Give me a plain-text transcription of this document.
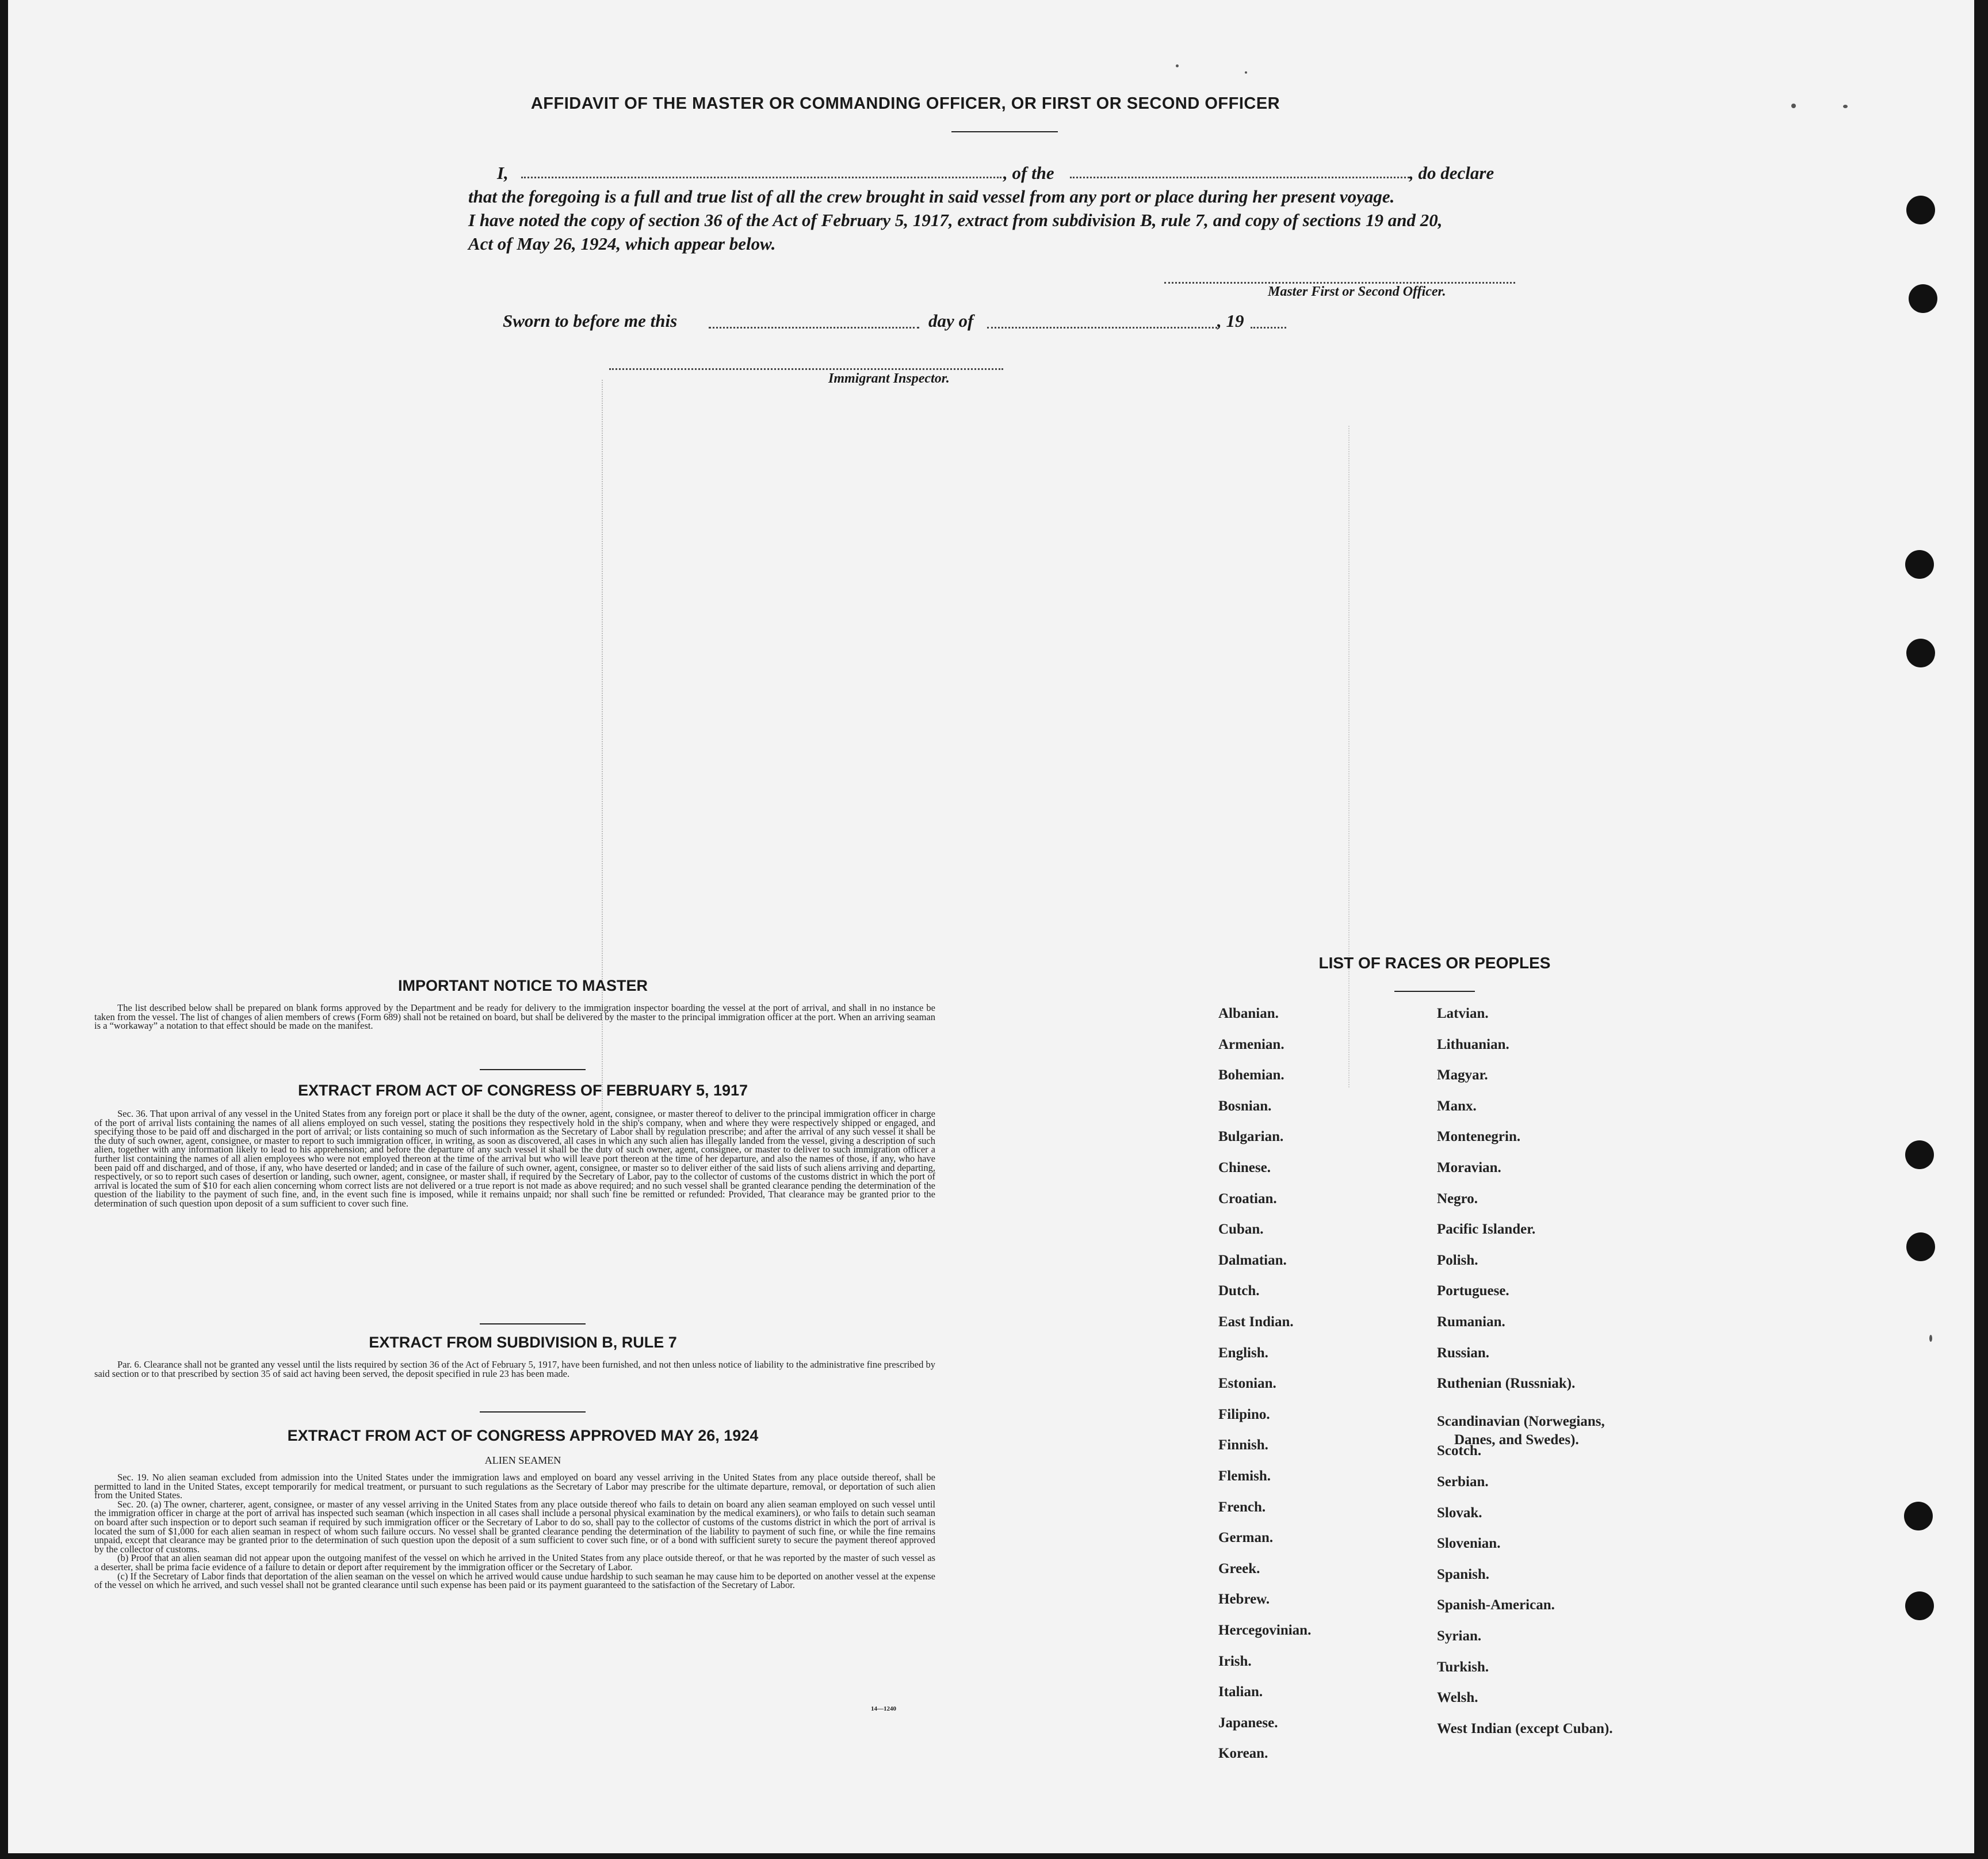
AFFIDAVIT OF THE MASTER OR COMMANDING OFFICER, OR FIRST OR SECOND OFFICER
I,	, of the	, do declare
that the foregoing is a full and true list of all the crew brought in said vessel from any port or place during her present voyage.
I have noted the copy of section 36 of the Act of February 5, 1917, extract from subdivision B, rule 7, and copy of sections 19 and 20,
Act of May 26, 1924, which appear below.
Master First or Second Officer.
Sworn to before me this	day of	, 19
Immigrant Inspector.
IMPORTANT NOTICE TO MASTER

The list described below shall be prepared on blank forms approved by the Department and be ready for delivery to the immigration inspector boarding the vessel at the port of arrival, and shall in no instance be taken from the vessel. The list of changes of alien members of crews (Form 689) shall not be retained on board, but shall be delivered by the master to the principal immigration officer at the port. When an arriving seaman is a “workaway” a notation to that effect should be made on the manifest.

EXTRACT FROM ACT OF CONGRESS OF FEBRUARY 5, 1917

Sec. 36. That upon arrival of any vessel in the United States from any foreign port or place it shall be the duty of the owner, agent, consignee, or master thereof to deliver to the principal immigration officer in charge of the port of arrival lists containing the names of all aliens employed on such vessel, stating the positions they respectively hold in the ship's company, when and where they were respectively shipped or engaged, and specifying those to be paid off and discharged in the port of arrival; or lists containing so much of such information as the Secretary of Labor shall by regulation prescribe; and after the arrival of any such vessel it shall be the duty of such owner, agent, consignee, or master to report to such immigration officer, in writing, as soon as discovered, all cases in which any such alien has illegally landed from the vessel, giving a description of such alien, together with any information likely to lead to his apprehension; and before the departure of any such vessel it shall be the duty of such owner, agent, consignee, or master to deliver to such immigration officer a further list containing the names of all alien employees who were not employed thereon at the time of the arrival but who will leave port thereon at the time of her departure, and also the names of those, if any, who have been paid off and discharged, and of those, if any, who have deserted or landed; and in case of the failure of such owner, agent, consignee, or master so to deliver either of the said lists of such aliens arriving and departing, respectively, or so to report such cases of desertion or landing, such owner, agent, consignee, or master shall, if required by the Secretary of Labor, pay to the collector of customs of the customs district in which the port of arrival is located the sum of $10 for each alien concerning whom correct lists are not delivered or a true report is not made as above required; and no such vessel shall be granted clearance pending the determination of the question of the liability to the payment of such fine, and, in the event such fine is imposed, while it remains unpaid; nor shall such fine be remitted or refunded: Provided, That clearance may be granted prior to the determination of such question upon deposit of a sum sufficient to cover such fine.

EXTRACT FROM SUBDIVISION B, RULE 7

Par. 6. Clearance shall not be granted any vessel until the lists required by section 36 of the Act of February 5, 1917, have been furnished, and not then unless notice of liability to the administrative fine prescribed by said section or to that prescribed by section 35 of said act having been served, the deposit specified in rule 23 has been made.

EXTRACT FROM ACT OF CONGRESS APPROVED MAY 26, 1924
ALIEN SEAMEN

Sec. 19. No alien seaman excluded from admission into the United States under the immigration laws and employed on board any vessel arriving in the United States from any place outside thereof, shall be permitted to land in the United States, except temporarily for medical treatment, or pursuant to such regulations as the Secretary of Labor may prescribe for the ultimate departure, removal, or deportation of such alien from the United States.

Sec. 20. (a) The owner, charterer, agent, consignee, or master of any vessel arriving in the United States from any place outside thereof who fails to detain on board any alien seaman employed on such vessel until the immigration officer in charge at the port of arrival has inspected such seaman (which inspection in all cases shall include a personal physical examination by the medical examiners), or who fails to detain such seaman on board after such inspection or to deport such seaman if required by such immigration officer or the Secretary of Labor to do so, shall pay to the collector of customs of the customs district in which the port of arrival is located the sum of $1,000 for each alien seaman in respect of whom such failure occurs. No vessel shall be granted clearance pending the determination of the liability to payment of such fine, or while the fine remains unpaid, except that clearance may be granted prior to the determination of such question upon the deposit of a sum sufficient to cover such fine, or of a bond with sufficient surety to secure the payment thereof approved by the collector of customs.

(b) Proof that an alien seaman did not appear upon the outgoing manifest of the vessel on which he arrived in the United States from any place outside thereof, or that he was reported by the master of such vessel as a deserter, shall be prima facie evidence of a failure to detain or deport after requirement by the immigration officer or the Secretary of Labor.

(c) If the Secretary of Labor finds that deportation of the alien seaman on the vessel on which he arrived would cause undue hardship to such seaman he may cause him to be deported on another vessel at the expense of the vessel on which he arrived, and such vessel shall not be granted clearance until such expense has been paid or its payment guaranteed to the satisfaction of the Secretary of Labor.

14—1240
LIST OF RACES OR PEOPLES
Albanian.
Armenian.
Bohemian.
Bosnian.
Bulgarian.
Chinese.
Croatian.
Cuban.
Dalmatian.
Dutch.
East Indian.
English.
Estonian.
Filipino.
Finnish.
Flemish.
French.
German.
Greek.
Hebrew.
Hercegovinian.
Irish.
Italian.
Japanese.
Korean.
Latvian.
Lithuanian.
Magyar.
Manx.
Montenegrin.
Moravian.
Negro.
Pacific Islander.
Polish.
Portuguese.
Rumanian.
Russian.
Ruthenian (Russniak).
Scandinavian (Norwegians,
Danes, and Swedes).
Scotch.
Serbian.
Slovak.
Slovenian.
Spanish.
Spanish-American.
Syrian.
Turkish.
Welsh.
West Indian (except Cuban).
